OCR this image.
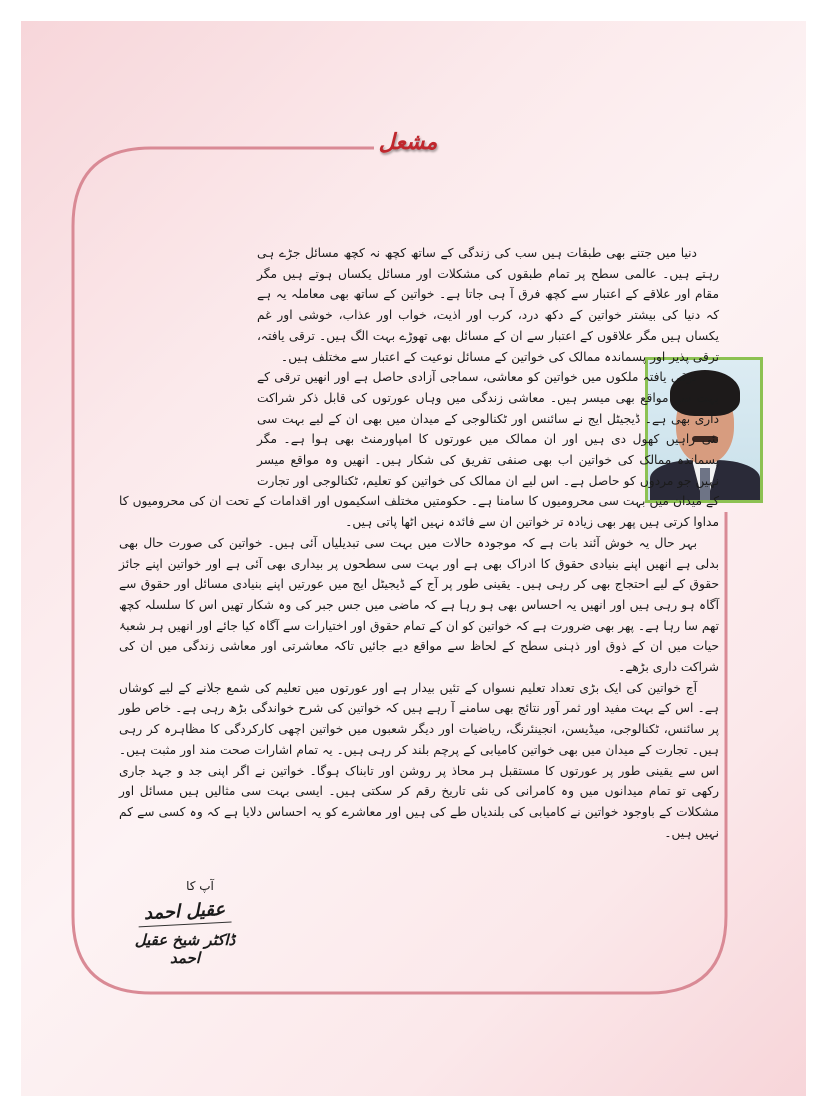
مشعل

دنیا میں جتنے بھی طبقات ہیں سب کی زندگی کے ساتھ کچھ نہ کچھ مسائل جڑے ہی رہتے ہیں۔ عالمی سطح پر تمام طبقوں کی مشکلات اور مسائل یکساں ہوتے ہیں مگر مقام اور علاقے کے اعتبار سے کچھ فرق آ ہی جاتا ہے۔ خواتین کے ساتھ بھی معاملہ یہ ہے کہ دنیا کی بیشتر خواتین کے دکھ درد، کرب اور اذیت، خواب اور عذاب، خوشی اور غم یکساں ہیں مگر علاقوں کے اعتبار سے ان کے مسائل بھی تھوڑے بہت الگ ہیں۔ ترقی یافتہ، ترقی پذیر اور پسماندہ ممالک کی خواتین کے مسائل نوعیت کے اعتبار سے مختلف ہیں۔

ترقی یافتہ ملکوں میں خواتین کو معاشی، سماجی آزادی حاصل ہے اور انھیں ترقی کے بہت سے مواقع بھی میسر ہیں۔ معاشی زندگی میں وہاں عورتوں کی قابل ذکر شراکت داری بھی ہے۔ ڈیجیٹل ایج نے سائنس اور ٹکنالوجی کے میدان میں بھی ان کے لیے بہت سی نئی راہیں کھول دی ہیں اور ان ممالک میں عورتوں کا امپاورمنٹ بھی ہوا ہے۔ مگر پسماندہ ممالک کی خواتین اب بھی صنفی تفریق کی شکار ہیں۔ انھیں وہ مواقع میسر نہیں جو مردوں کو حاصل ہے۔ اس لیے ان ممالک کی خواتین کو تعلیم، ٹکنالوجی اور تجارت کے میدان میں بہت سی محرومیوں کا سامنا ہے۔ حکومتیں مختلف اسکیموں اور اقدامات کے تحت ان کی محرومیوں کا مداوا کرتی ہیں پھر بھی زیادہ تر خواتین ان سے فائدہ نہیں اٹھا پاتی ہیں۔

بہر حال یہ خوش آئند بات ہے کہ موجودہ حالات میں بہت سی تبدیلیاں آئی ہیں۔ خواتین کی صورت حال بھی بدلی ہے انھیں اپنے بنیادی حقوق کا ادراک بھی ہے اور بہت سی سطحوں پر بیداری بھی آئی ہے اور خواتین اپنے جائز حقوق کے لیے احتجاج بھی کر رہی ہیں۔ یقینی طور پر آج کے ڈیجیٹل ایج میں عورتیں اپنے بنیادی مسائل اور حقوق سے آگاہ ہو رہی ہیں اور انھیں یہ احساس بھی ہو رہا ہے کہ ماضی میں جس جبر کی وہ شکار تھیں اس کا سلسلہ کچھ تھم سا رہا ہے۔ پھر بھی ضرورت ہے کہ خواتین کو ان کے تمام حقوق اور اختیارات سے آگاہ کیا جائے اور انھیں ہر شعبۂ حیات میں ان کے ذوق اور ذہنی سطح کے لحاظ سے مواقع دیے جائیں تاکہ معاشرتی اور معاشی زندگی میں ان کی شراکت داری بڑھے۔

آج خواتین کی ایک بڑی تعداد تعلیم نسواں کے تئیں بیدار ہے اور عورتوں میں تعلیم کی شمع جلانے کے لیے کوشاں ہے۔ اس کے بہت مفید اور ثمر آور نتائج بھی سامنے آ رہے ہیں کہ خواتین کی شرح خواندگی بڑھ رہی ہے۔ خاص طور پر سائنس، ٹکنالوجی، میڈیسن، انجینئرنگ، ریاضیات اور دیگر شعبوں میں خواتین اچھی کارکردگی کا مظاہرہ کر رہی ہیں۔ تجارت کے میدان میں بھی خواتین کامیابی کے پرچم بلند کر رہی ہیں۔ یہ تمام اشارات صحت مند اور مثبت ہیں۔ اس سے یقینی طور پر عورتوں کا مستقبل ہر محاذ پر روشن اور تابناک ہوگا۔ خواتین نے اگر اپنی جد و جہد جاری رکھی تو تمام میدانوں میں وہ کامرانی کی نئی تاریخ رقم کر سکتی ہیں۔ ایسی بہت سی مثالیں ہیں مسائل اور مشکلات کے باوجود خواتین نے کامیابی کی بلندیاں طے کی ہیں اور معاشرے کو یہ احساس دلایا ہے کہ وہ کسی سے کم نہیں ہیں۔

آپ کا
عقیل احمد
ڈاکٹر شیخ عقیل احمد
